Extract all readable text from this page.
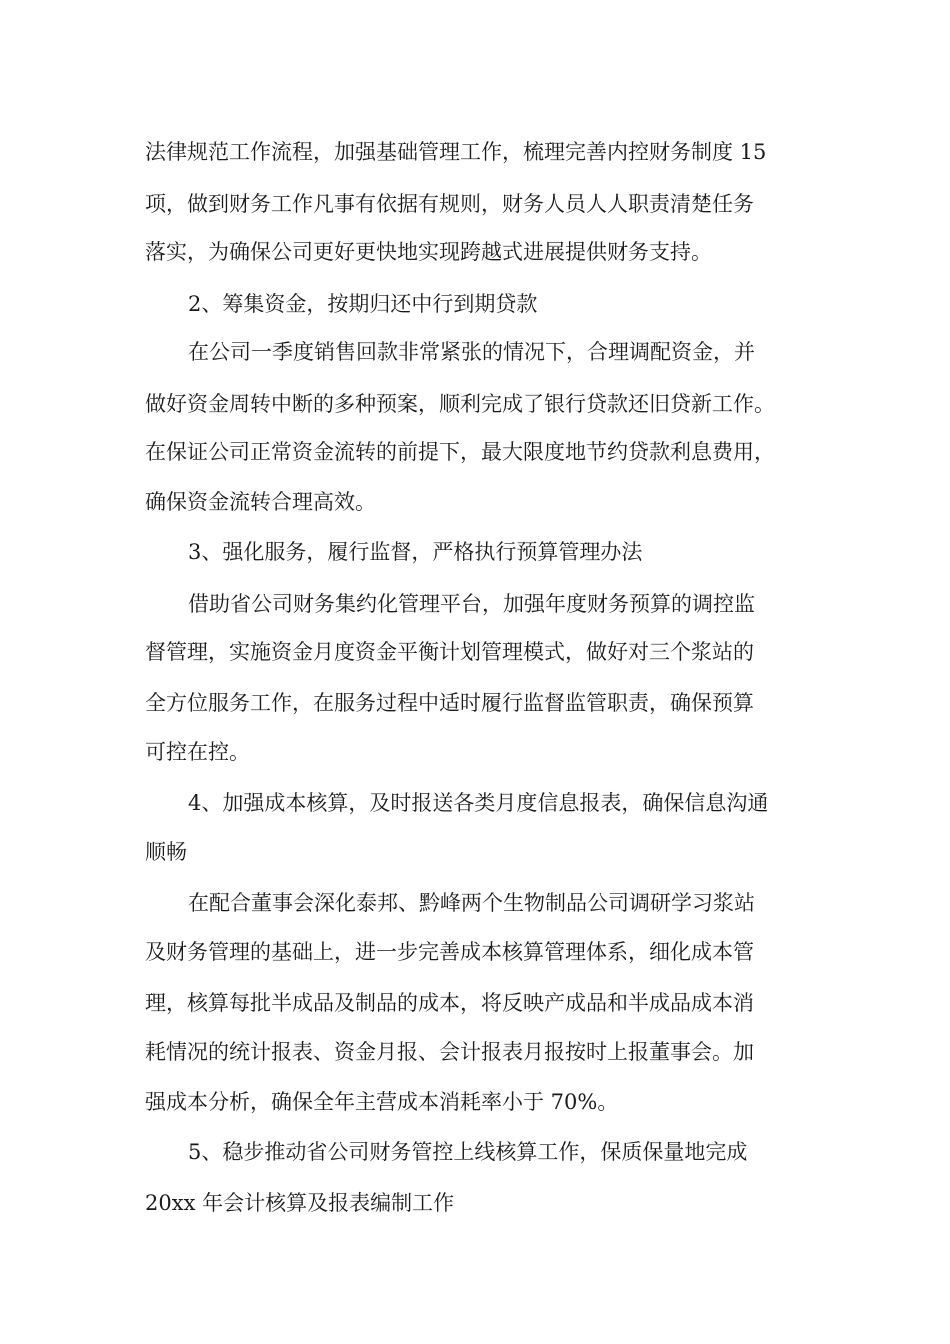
法律规范工作流程，加强基础管理工作，梳理完善内控财务制度 15

项，做到财务工作凡事有依据有规则，财务人员人人职责清楚任务

落实，为确保公司更好更快地实现跨越式进展提供财务支持。

2、筹集资金，按期归还中行到期贷款

在公司一季度销售回款非常紧张的情况下，合理调配资金，并

做好资金周转中断的多种预案，顺利完成了银行贷款还旧贷新工作。

在保证公司正常资金流转的前提下，最大限度地节约贷款利息费用，

确保资金流转合理高效。

3、强化服务，履行监督，严格执行预算管理办法

借助省公司财务集约化管理平台，加强年度财务预算的调控监

督管理，实施资金月度资金平衡计划管理模式，做好对三个浆站的

全方位服务工作，在服务过程中适时履行监督监管职责，确保预算

可控在控。

4、加强成本核算，及时报送各类月度信息报表，确保信息沟通

顺畅

在配合董事会深化泰邦、黔峰两个生物制品公司调研学习浆站

及财务管理的基础上，进一步完善成本核算管理体系，细化成本管

理，核算每批半成品及制品的成本，将反映产成品和半成品成本消

耗情况的统计报表、资金月报、会计报表月报按时上报董事会。加

强成本分析，确保全年主营成本消耗率小于 70%。

5、稳步推动省公司财务管控上线核算工作，保质保量地完成

20xx 年会计核算及报表编制工作
